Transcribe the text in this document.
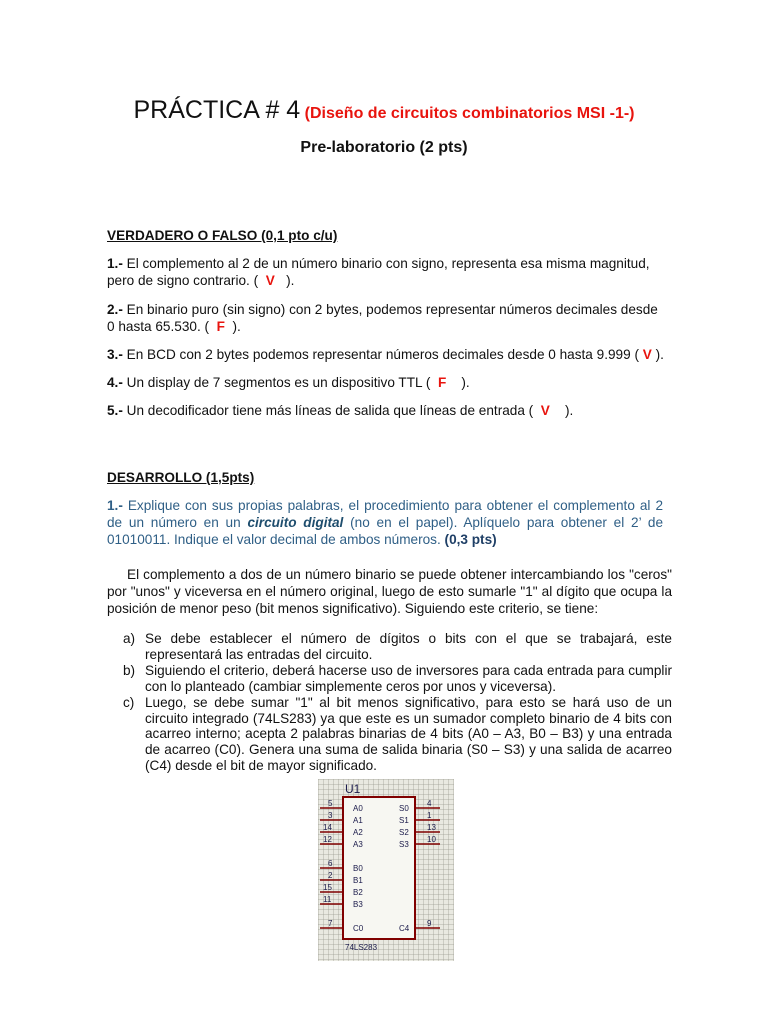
PRÁCTICA # 4 (Diseño de circuitos combinatorios MSI -1-)
Pre-laboratorio (2 pts)
VERDADERO O FALSO (0,1 pto c/u)
1.- El complemento al 2 de un número binario con signo, representa esa misma magnitud, pero de signo contrario. ( V   ).
2.- En binario puro (sin signo) con 2 bytes, podemos representar números decimales desde 0 hasta 65.530. ( F  ).
3.- En BCD con 2 bytes podemos representar números decimales desde 0 hasta 9.999 ( V ).
4.- Un display de 7 segmentos es un dispositivo TTL ( F    ).
5.- Un decodificador tiene más líneas de salida que líneas de entrada ( V    ).
DESARROLLO (1,5pts)
1.- Explique con sus propias palabras, el procedimiento para obtener el complemento al 2 de un número en un circuito digital (no en el papel). Aplíquelo para obtener el 2’ de 01010011. Indique el valor decimal de ambos números. (0,3 pts)
El complemento a dos de un número binario se puede obtener intercambiando los "ceros" por "unos" y viceversa en el número original, luego de esto sumarle "1" al dígito que ocupa la posición de menor peso (bit menos significativo). Siguiendo este criterio, se tiene:
a) Se debe establecer el número de dígitos o bits con el que se trabajará, este representará las entradas del circuito.
b) Siguiendo el criterio, deberá hacerse uso de inversores para cada entrada para cumplir con lo planteado (cambiar simplemente ceros por unos y viceversa).
c) Luego, se debe sumar "1" al bit menos significativo, para esto se hará uso de un circuito integrado (74LS283) ya que este es un sumador completo binario de 4 bits con acarreo interno; acepta 2 palabras binarias de 4 bits (A0 – A3, B0 – B3) y una entrada de acarreo (C0). Genera una suma de salida binaria (S0 – S3) y una salida de acarreo (C4) desde el bit de mayor significado.
U1
74LS283
5
A0
3
A1
14
A2
12
A3
6
B0
2
B1
15
B2
11
B3
7
C0
4
S0
1
S1
13
S2
10
S3
9
C4
